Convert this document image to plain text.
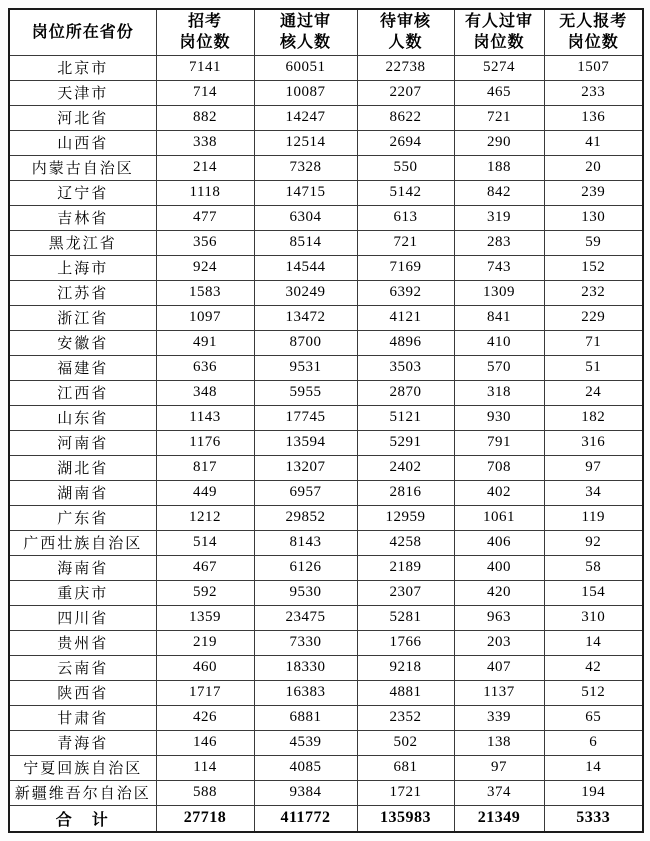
岗位所在省份

招考
岗位数

通过审
核人数

待审核
人数

有人过审
岗位数

无人报考
岗位数

北京市	7141	60051	22738	5274	1507
天津市	714	10087	2207	465	233
河北省	882	14247	8622	721	136
山西省	338	12514	2694	290	41
内蒙古自治区	214	7328	550	188	20
辽宁省	1118	14715	5142	842	239
吉林省	477	6304	613	319	130
黑龙江省	356	8514	721	283	59
上海市	924	14544	7169	743	152
江苏省	1583	30249	6392	1309	232
浙江省	1097	13472	4121	841	229
安徽省	491	8700	4896	410	71
福建省	636	9531	3503	570	51
江西省	348	5955	2870	318	24
山东省	1143	17745	5121	930	182
河南省	1176	13594	5291	791	316
湖北省	817	13207	2402	708	97
湖南省	449	6957	2816	402	34
广东省	1212	29852	12959	1061	119
广西壮族自治区	514	8143	4258	406	92
海南省	467	6126	2189	400	58
重庆市	592	9530	2307	420	154
四川省	1359	23475	5281	963	310
贵州省	219	7330	1766	203	14
云南省	460	18330	9218	407	42
陕西省	1717	16383	4881	1137	512
甘肃省	426	6881	2352	339	65
青海省	146	4539	502	138	6
宁夏回族自治区	114	4085	681	97	14
新疆维吾尔自治区	588	9384	1721	374	194
合　计	27718	411772	135983	21349	5333
